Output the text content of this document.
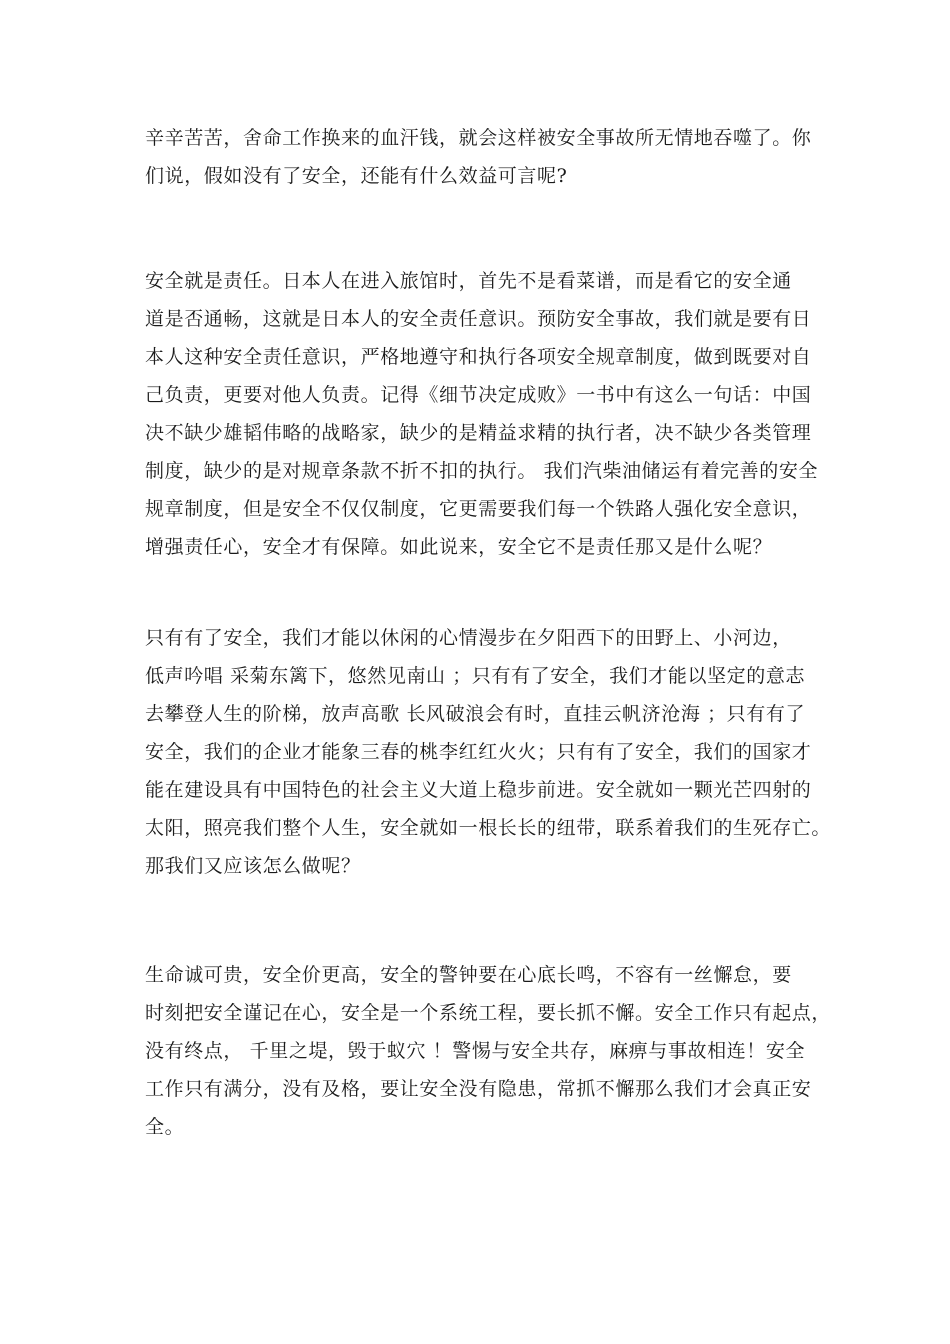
辛辛苦苦，舍命工作换来的血汗钱，就会这样被安全事故所无情地吞噬了。你
们说，假如没有了安全，还能有什么效益可言呢?
安全就是责任。日本人在进入旅馆时，首先不是看菜谱，而是看它的安全通
道是否通畅，这就是日本人的安全责任意识。预防安全事故，我们就是要有日
本人这种安全责任意识，严格地遵守和执行各项安全规章制度，做到既要对自
己负责，更要对他人负责。记得《细节决定成败》一书中有这么一句话：中国
决不缺少雄韬伟略的战略家，缺少的是精益求精的执行者，决不缺少各类管理
制度，缺少的是对规章条款不折不扣的执行。 我们汽柴油储运有着完善的安全
规章制度，但是安全不仅仅制度，它更需要我们每一个铁路人强化安全意识，
增强责任心，安全才有保障。如此说来，安全它不是责任那又是什么呢？
只有有了安全，我们才能以休闲的心情漫步在夕阳西下的田野上、小河边，
低声吟唱 采菊东篱下，悠然见南山 ；只有有了安全，我们才能以坚定的意志
去攀登人生的阶梯，放声高歌 长风破浪会有时，直挂云帆济沧海 ；只有有了
安全，我们的企业才能象三春的桃李红红火火；只有有了安全，我们的国家才
能在建设具有中国特色的社会主义大道上稳步前进。安全就如一颗光芒四射的
太阳，照亮我们整个人生，安全就如一根长长的纽带，联系着我们的生死存亡。
那我们又应该怎么做呢？
生命诚可贵，安全价更高，安全的警钟要在心底长鸣，不容有一丝懈怠，要
时刻把安全谨记在心，安全是一个系统工程，要长抓不懈。安全工作只有起点，
没有终点， 千里之堤，毁于蚁穴 ！警惕与安全共存，麻痹与事故相连！安全
工作只有满分，没有及格，要让安全没有隐患，常抓不懈那么我们才会真正安
全。
